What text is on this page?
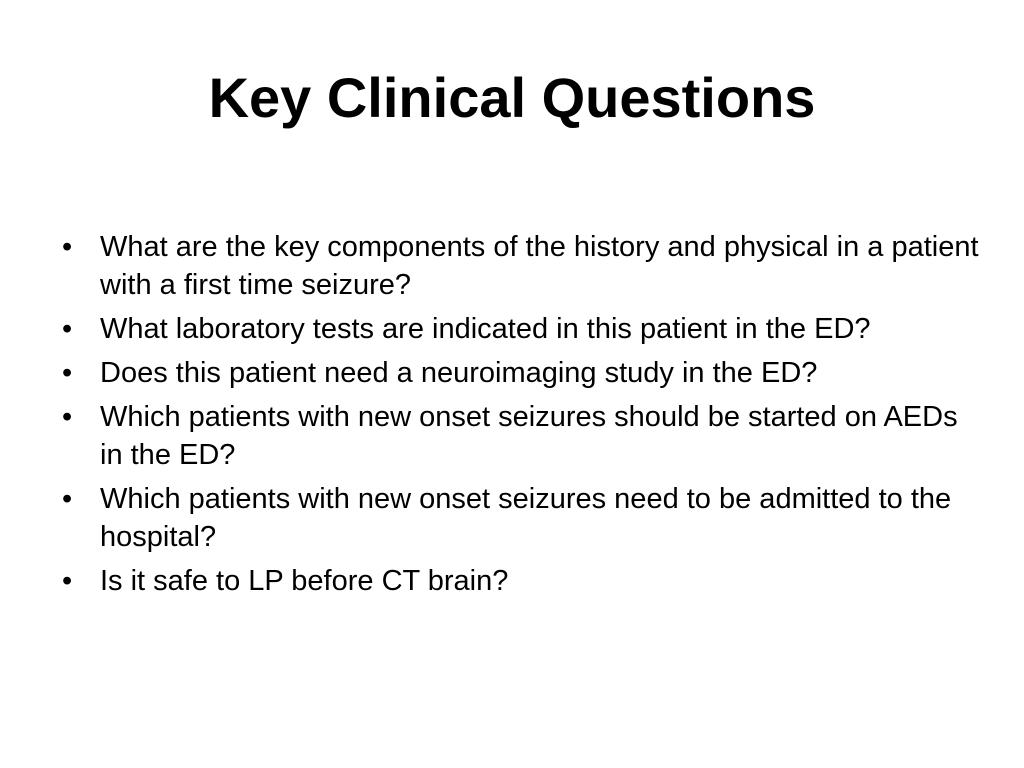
Key Clinical Questions
• What are the key components of the history and physical in a patient with a first time seizure?
• What laboratory tests are indicated in this patient in the ED?
• Does this patient need a neuroimaging study in the ED?
• Which patients with new onset seizures should be started on AEDs in the ED?
• Which patients with new onset seizures need to be admitted to the hospital?
• Is it safe to LP before CT brain?
